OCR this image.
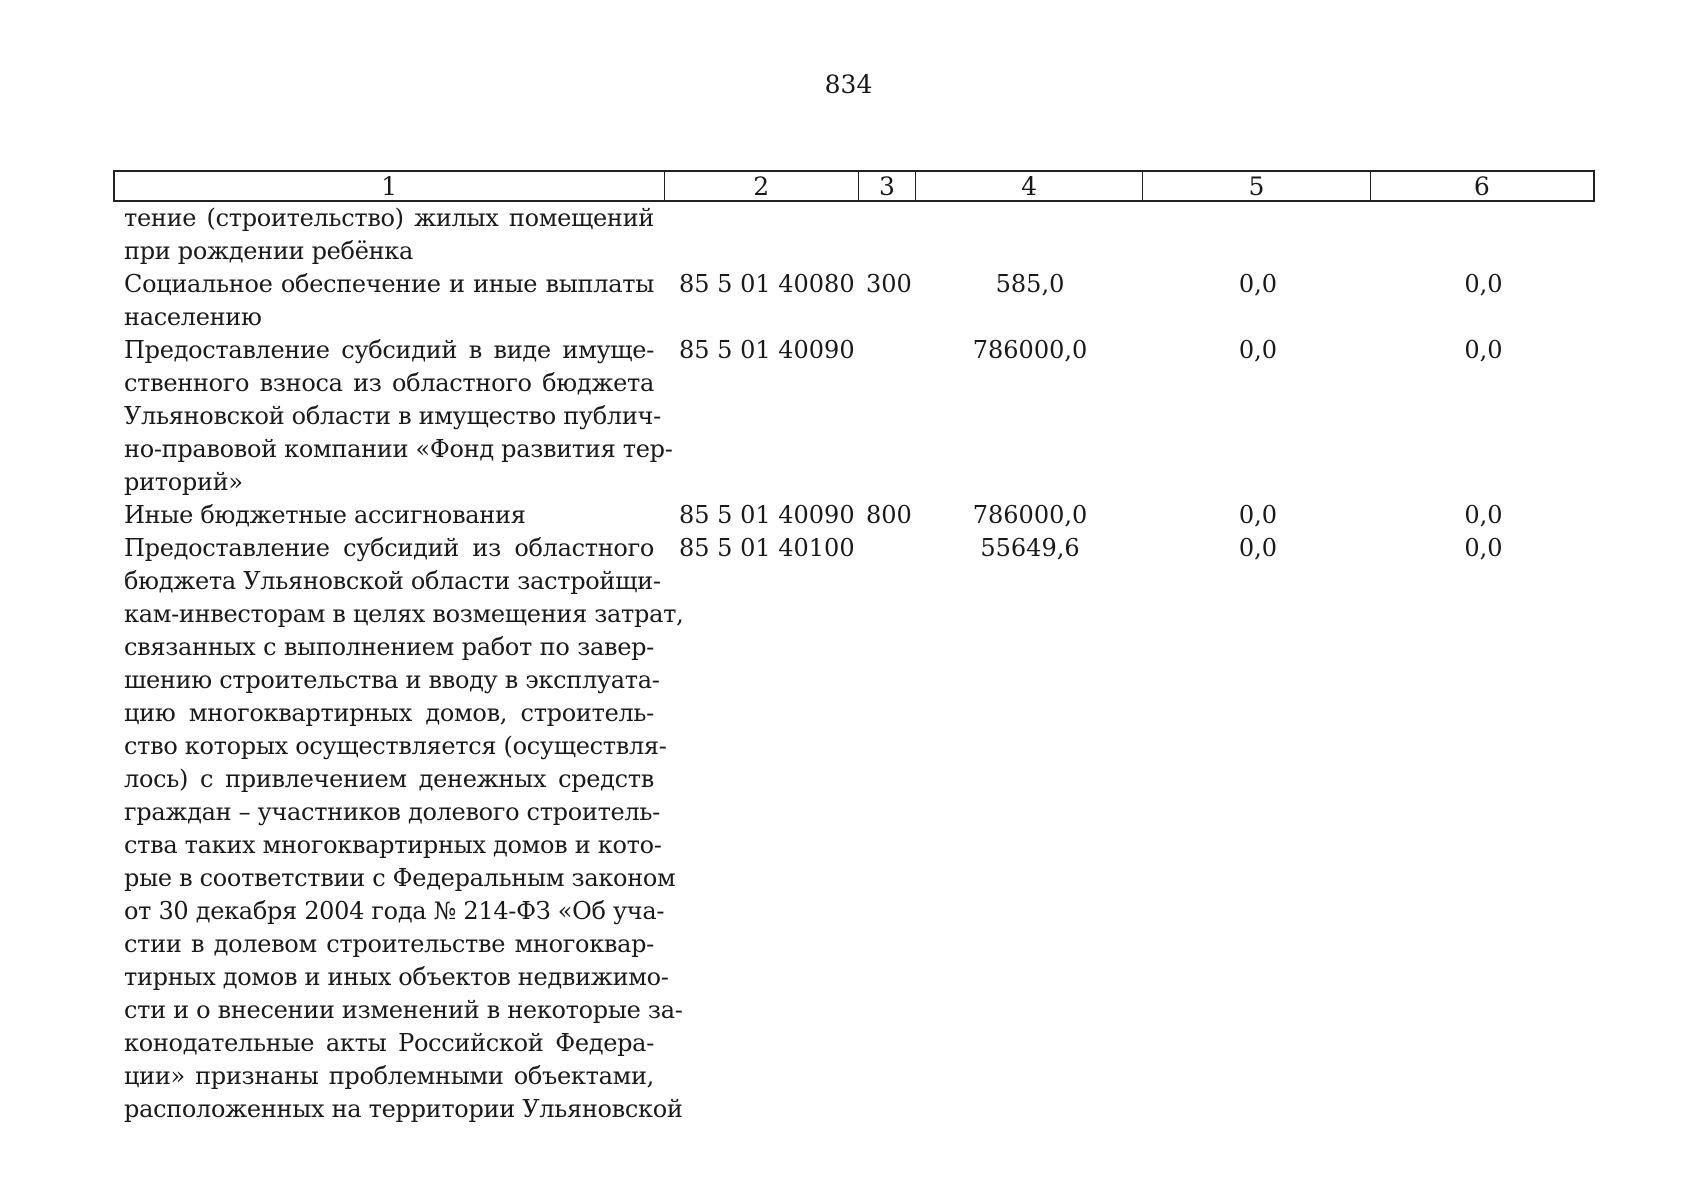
834
1	2	3	4	5	6
тение (строительство) жилых помещений
при рождении ребёнка
Социальное обеспечение и иные выплаты
населению
85 5 01 40080 300	585,0	0,0	0,0
Предоставление субсидий в виде имуще-
ственного взноса из областного бюджета
Ульяновской области в имущество публич-
но-правовой компании «Фонд развития тер-
риторий»
85 5 01 40090	786000,0	0,0	0,0
Иные бюджетные ассигнования	85 5 01 40090 800	786000,0	0,0	0,0
Предоставление субсидий из областного
бюджета Ульяновской области застройщи-
кам-инвесторам в целях возмещения затрат,
связанных с выполнением работ по завер-
шению строительства и вводу в эксплуата-
цию многоквартирных домов, строитель-
ство которых осуществляется (осуществля-
лось) с привлечением денежных средств
граждан – участников долевого строитель-
ства таких многоквартирных домов и кото-
рые в соответствии с Федеральным законом
от 30 декабря 2004 года № 214-ФЗ «Об уча-
стии в долевом строительстве многоквар-
тирных домов и иных объектов недвижимо-
сти и о внесении изменений в некоторые за-
конодательные акты Российской Федера-
ции» признаны проблемными объектами,
расположенных на территории Ульяновской
85 5 01 40100	55649,6	0,0	0,0
